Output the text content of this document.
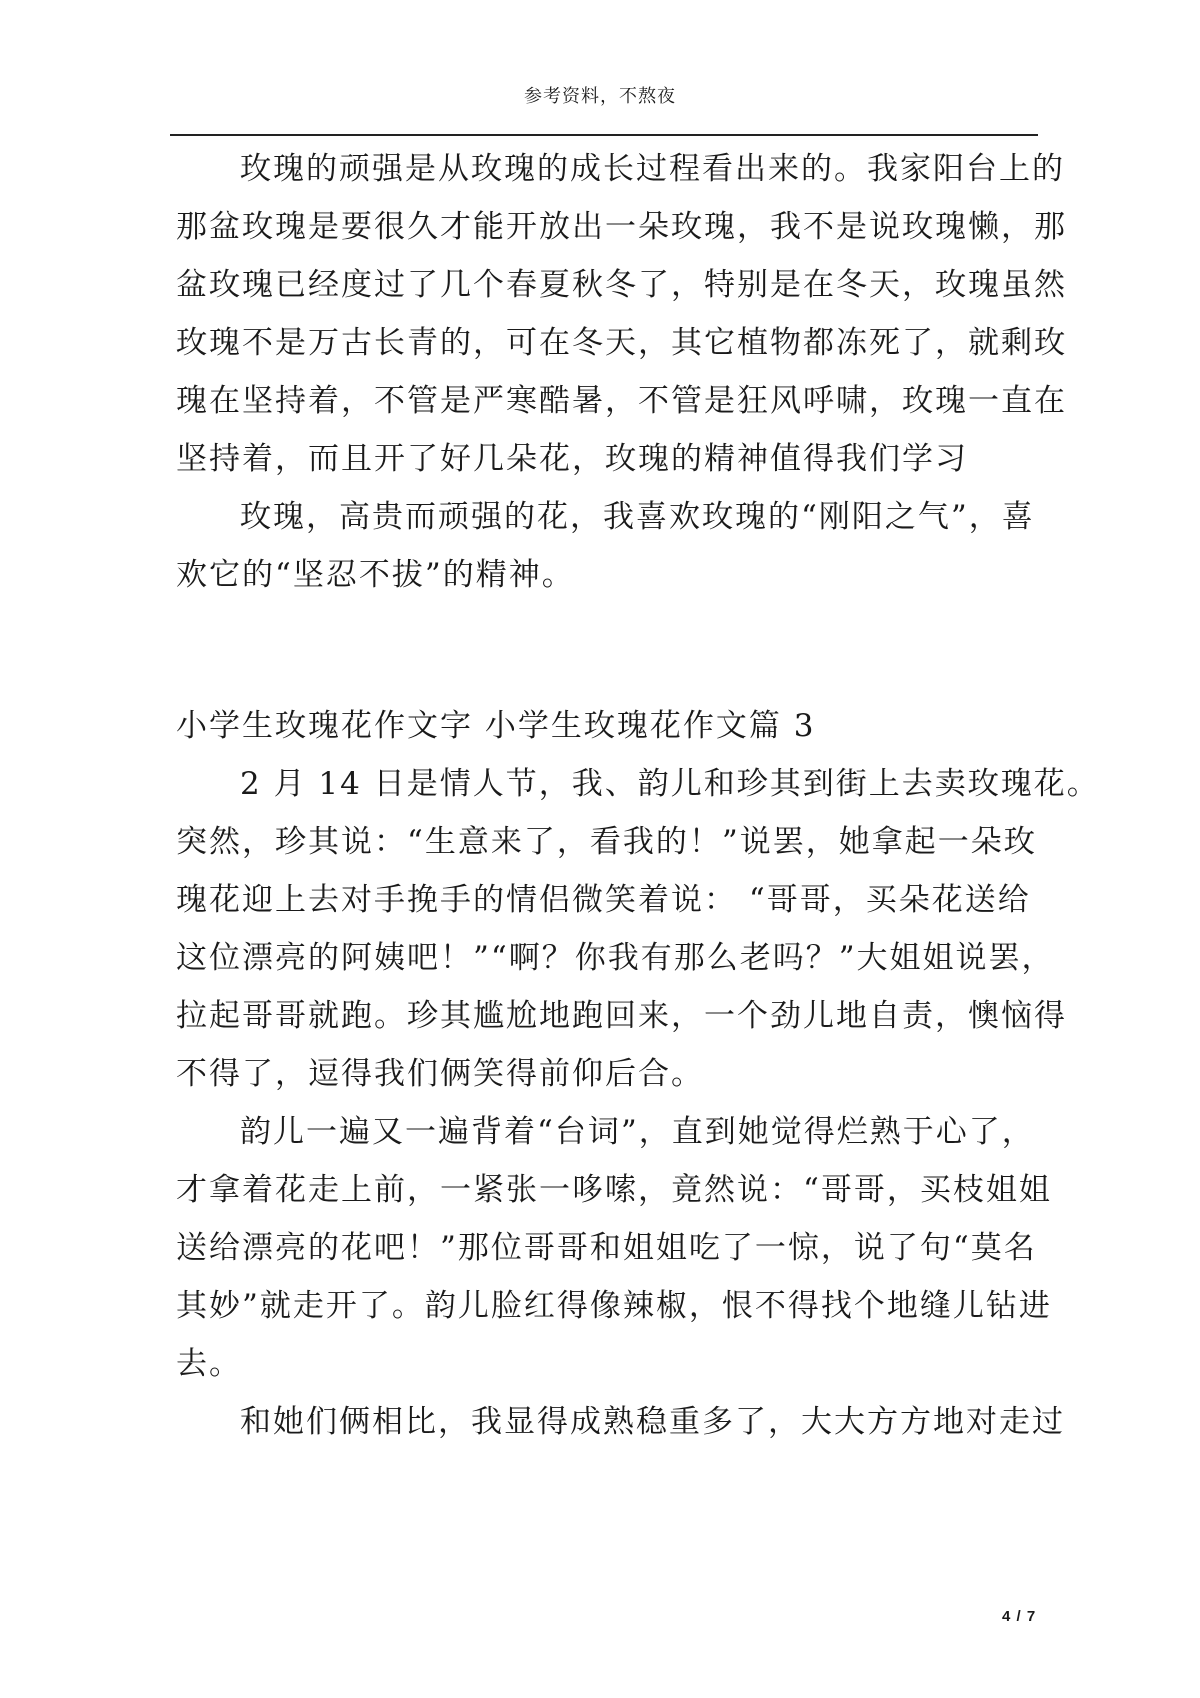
参考资料，不熬夜
玫瑰的顽强是从玫瑰的成长过程看出来的。我家阳台上的
那盆玫瑰是要很久才能开放出一朵玫瑰，我不是说玫瑰懒，那
盆玫瑰已经度过了几个春夏秋冬了，特别是在冬天，玫瑰虽然
玫瑰不是万古长青的，可在冬天，其它植物都冻死了，就剩玫
瑰在坚持着，不管是严寒酷暑，不管是狂风呼啸，玫瑰一直在
坚持着，而且开了好几朵花，玫瑰的精神值得我们学习
玫瑰，高贵而顽强的花，我喜欢玫瑰的“刚阳之气”，喜
欢它的“坚忍不拔”的精神。
小学生玫瑰花作文字 小学生玫瑰花作文篇 3
2 月 14 日是情人节，我、韵儿和珍其到街上去卖玫瑰花。
突然，珍其说：“生意来了，看我的！”说罢，她拿起一朵玫
瑰花迎上去对手挽手的情侣微笑着说： “哥哥，买朵花送给
这位漂亮的阿姨吧！”“啊？你我有那么老吗？”大姐姐说罢，
拉起哥哥就跑。珍其尴尬地跑回来，一个劲儿地自责，懊恼得
不得了，逗得我们俩笑得前仰后合。
韵儿一遍又一遍背着“台词”，直到她觉得烂熟于心了，
才拿着花走上前，一紧张一哆嗦，竟然说：“哥哥，买枝姐姐
送给漂亮的花吧！”那位哥哥和姐姐吃了一惊，说了句“莫名
其妙”就走开了。韵儿脸红得像辣椒，恨不得找个地缝儿钻进
去。
和她们俩相比，我显得成熟稳重多了，大大方方地对走过
4 / 7
